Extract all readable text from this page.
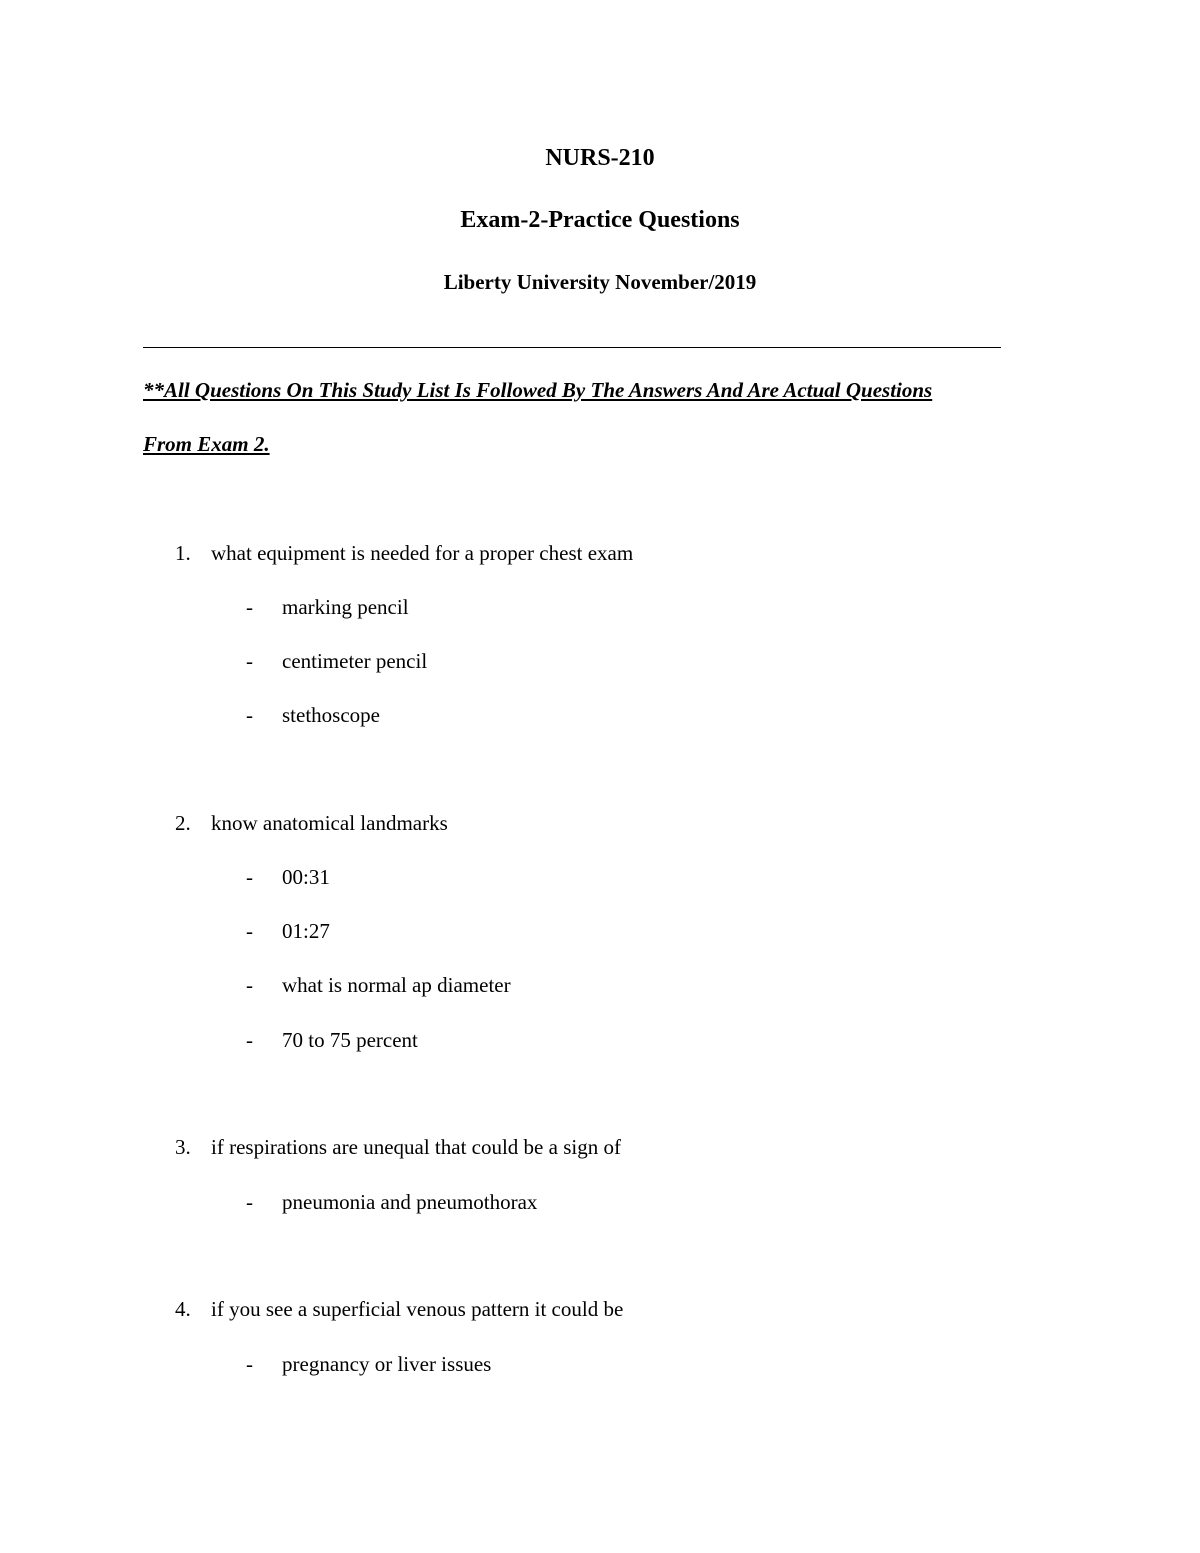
NURS-210
Exam-2-Practice Questions
Liberty University November/2019
**All Questions On This Study List Is Followed By The Answers And Are Actual Questions
From Exam 2.
1. what equipment is needed for a proper chest exam
- marking pencil
- centimeter pencil
- stethoscope
2. know anatomical landmarks
- 00:31
- 01:27
- what is normal ap diameter
- 70 to 75 percent
3. if respirations are unequal that could be a sign of
- pneumonia and pneumothorax
4. if you see a superficial venous pattern it could be
- pregnancy or liver issues
